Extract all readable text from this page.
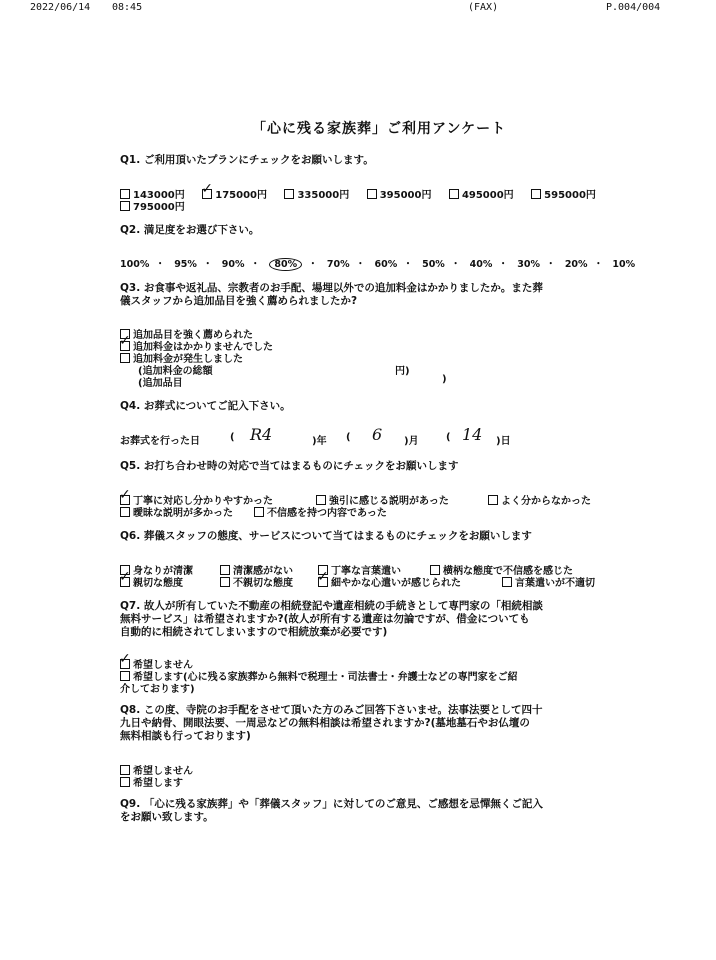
2022/06/14 08:45	(FAX)	P.004/004
「心に残る家族葬」ご利用アンケート
Q1. ご利用頂いたプランにチェックをお願いします。
143000円 ✓	175000円	335000円	395000円	495000円	595000円
795000円
Q2. 満足度をお選び下さい。
100% ・ 95% ・ 90% ・ 80% ・ 70% ・ 60% ・ 50% ・ 40% ・ 30% ・ 20% ・ 10%
Q3. お食事や返礼品、宗教者のお手配、場埋以外での追加料金はかかりましたか。また葬
儀スタッフから追加品目を強く薦められましたか?
追加品目を強く薦められた
✓追加料金はかかりませんでした
追加料金が発生しました
(追加料金の総額	円)
(追加品目	)
Q4. お葬式についてご記入下さい。
お葬式を行った日	( R4	)年 ( 6 )月	( 14 )日
Q5. お打ち合わせ時の対応で当てはまるものにチェックをお願いします
✓丁寧に対応し分かりやすかった	強引に感じる説明があった	よく分からなかった
曖昧な説明が多かった	不信感を持つ内容であった
Q6. 葬儀スタッフの態度、サービスについて当てはまるものにチェックをお願いします
身なりが清潔	清潔感がない	丁寧な言葉遣い	横柄な態度で不信感を感じた
✓親切な態度	不親切な態度 ✓	細やかな心遣いが感じられた	言葉遣いが不適切
Q7. 故人が所有していた不動産の相続登記や遺産相続の手続きとして専門家の「相続相談
無料サービス」は希望されますか?(故人が所有する遺産は勿論ですが、借金についても
自動的に相続されてしまいますので相続放棄が必要です)
✓希望しません
希望します(心に残る家族葬から無料で税理士・司法書士・弁護士などの専門家をご紹
介しております)
Q8. この度、寺院のお手配をさせて頂いた方のみご回答下さいませ。法事法要として四十
九日や納骨、開眼法要、一周忌などの無料相談は希望されますか?(墓地墓石やお仏壇の
無料相談も行っております)
希望しません
希望します
Q9. 「心に残る家族葬」や「葬儀スタッフ」に対してのご意見、ご感想を忌憚無くご記入
をお願い致します。
